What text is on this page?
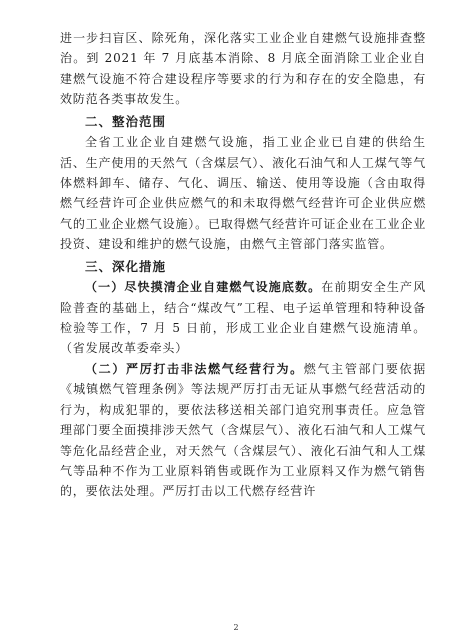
进一步扫盲区、除死角，深化落实工业企业自建燃气设施排查整治。到 2021 年 7 月底基本消除、8 月底全面消除工业企业自建燃气设施不符合建设程序等要求的行为和存在的安全隐患，有效防范各类事故发生。

二、整治范围

全省工业企业自建燃气设施，指工业企业已自建的供给生活、生产使用的天然气（含煤层气）、液化石油气和人工煤气等气体燃料卸车、储存、气化、调压、输送、使用等设施（含由取得燃气经营许可企业供应燃气的和未取得燃气经营许可企业供应燃气的工业企业燃气设施）。已取得燃气经营许可证企业在工业企业投资、建设和维护的燃气设施，由燃气主管部门落实监管。

三、深化措施

（一）尽快摸清企业自建燃气设施底数。在前期安全生产风险普查的基础上，结合“煤改气”工程、电子运单管理和特种设备检验等工作，7 月 5 日前，形成工业企业自建燃气设施清单。（省发展改革委牵头）

（二）严厉打击非法燃气经营行为。燃气主管部门要依据《城镇燃气管理条例》等法规严厉打击无证从事燃气经营活动的行为，构成犯罪的，要依法移送相关部门追究刑事责任。应急管理部门要全面摸排涉天然气（含煤层气）、液化石油气和人工煤气等危化品经营企业，对天然气（含煤层气）、液化石油气和人工煤气等品种不作为工业原料销售或既作为工业原料又作为燃气销售的，要依法处理。严厉打击以工代燃存经营许

2
